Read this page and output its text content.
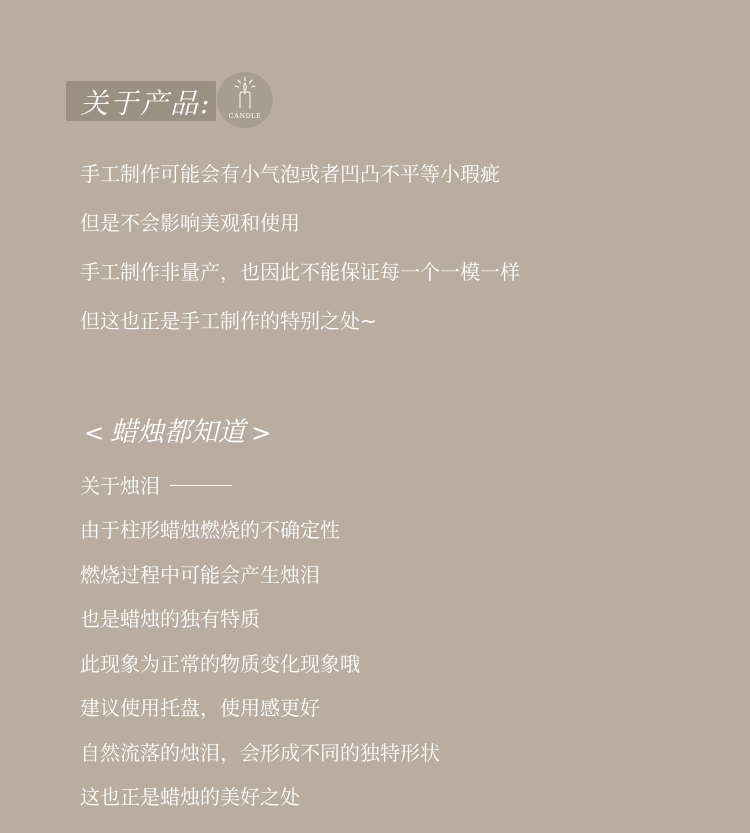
关于产品:	CANDLE
手工制作可能会有小气泡或者凹凸不平等小瑕疵
但是不会影响美观和使用
手工制作非量产，也因此不能保证每一个一模一样
但这也正是手工制作的特别之处~
< 蜡烛都知道 >
关于烛泪
由于柱形蜡烛燃烧的不确定性
燃烧过程中可能会产生烛泪
也是蜡烛的独有特质
此现象为正常的物质变化现象哦
建议使用托盘，使用感更好
自然流落的烛泪，会形成不同的独特形状
这也正是蜡烛的美好之处
